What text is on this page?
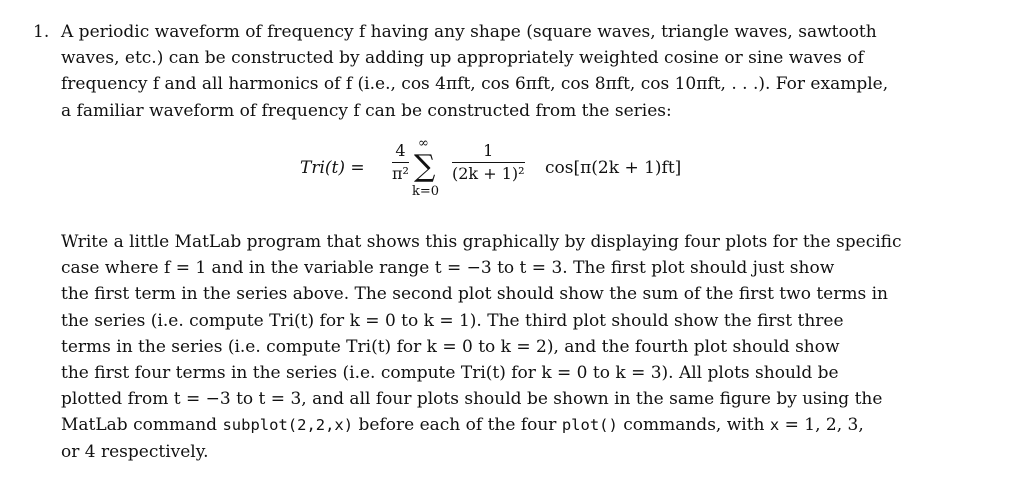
1. A periodic waveform of frequency f having any shape (square waves, triangle waves, sawtooth
waves, etc.) can be constructed by adding up appropriately weighted cosine or sine waves of
frequency f and all harmonics of f (i.e., cos 4πft, cos 6πft, cos 8πft, cos 10πft, . . .). For example,
a familiar waveform of frequency f can be constructed from the series:
Tri(t) =
4
π²
∞
∑
k=0
1
(2k + 1)² cos[π(2k + 1)ft]
Write a little MatLab program that shows this graphically by displaying four plots for the specific
case where f = 1 and in the variable range t = −3 to t = 3. The first plot should just show
the first term in the series above. The second plot should show the sum of the first two terms in
the series (i.e. compute Tri(t) for k = 0 to k = 1). The third plot should show the first three
terms in the series (i.e. compute Tri(t) for k = 0 to k = 2), and the fourth plot should show
the first four terms in the series (i.e. compute Tri(t) for k = 0 to k = 3). All plots should be
plotted from t = −3 to t = 3, and all four plots should be shown in the same figure by using the
MatLab command subplot(2,2,x) before each of the four plot() commands, with x = 1, 2, 3,
or 4 respectively.
